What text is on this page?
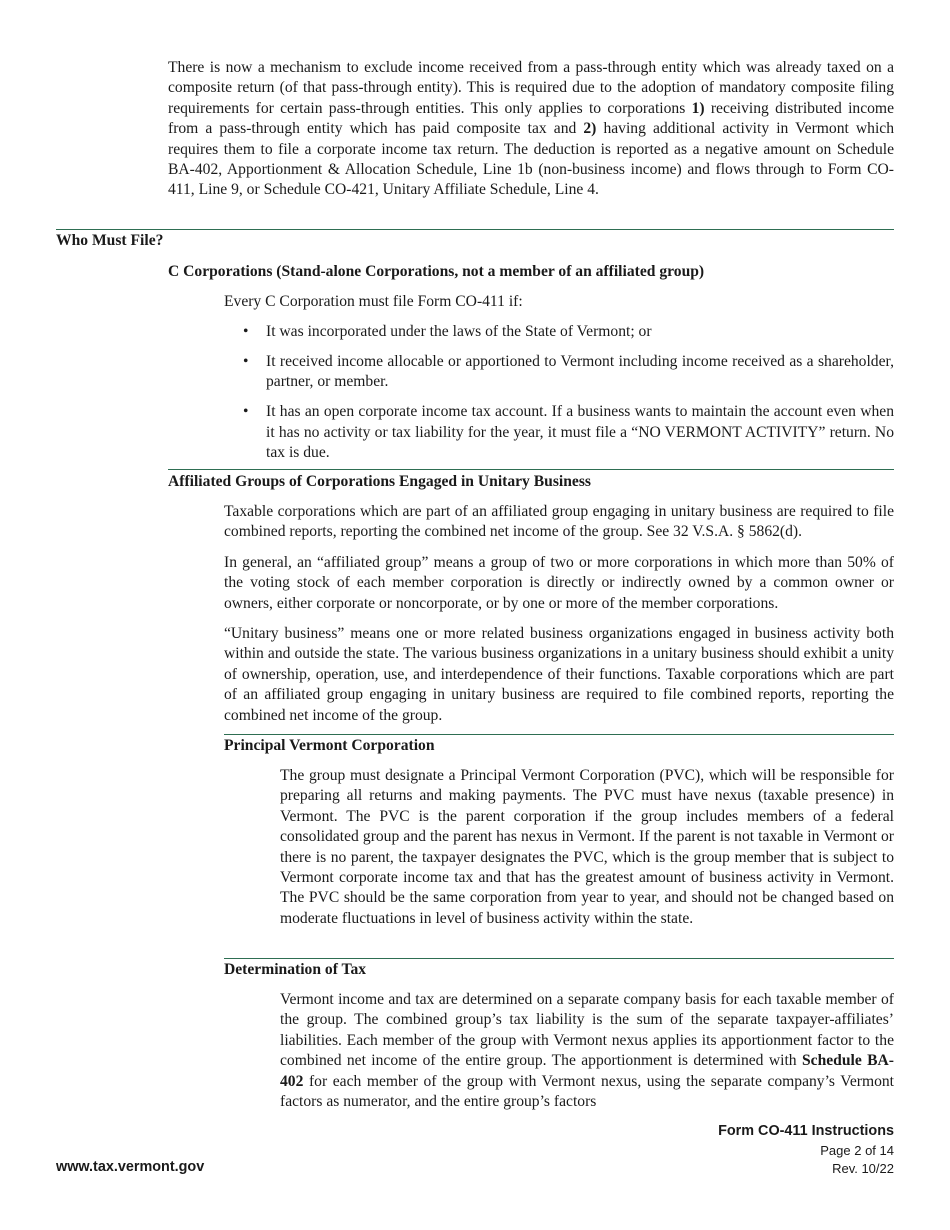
There is now a mechanism to exclude income received from a pass-through entity which was already taxed on a composite return (of that pass-through entity). This is required due to the adoption of mandatory composite filing requirements for certain pass-through entities. This only applies to corporations 1) receiving distributed income from a pass-through entity which has paid composite tax and 2) having additional activity in Vermont which requires them to file a corporate income tax return. The deduction is reported as a negative amount on Schedule BA-402, Apportionment & Allocation Schedule, Line 1b (non-business income) and flows through to Form CO-411, Line 9, or Schedule CO-421, Unitary Affiliate Schedule, Line 4.
Who Must File?
C Corporations (Stand-alone Corporations, not a member of an affiliated group)
Every C Corporation must file Form CO-411 if:
• It was incorporated under the laws of the State of Vermont; or
• It received income allocable or apportioned to Vermont including income received as a shareholder, partner, or member.
• It has an open corporate income tax account. If a business wants to maintain the account even when it has no activity or tax liability for the year, it must file a “NO VERMONT ACTIVITY” return. No tax is due.
Affiliated Groups of Corporations Engaged in Unitary Business
Taxable corporations which are part of an affiliated group engaging in unitary business are required to file combined reports, reporting the combined net income of the group. See 32 V.S.A. § 5862(d).
In general, an “affiliated group” means a group of two or more corporations in which more than 50% of the voting stock of each member corporation is directly or indirectly owned by a common owner or owners, either corporate or noncorporate, or by one or more of the member corporations.
“Unitary business” means one or more related business organizations engaged in business activity both within and outside the state. The various business organizations in a unitary business should exhibit a unity of ownership, operation, use, and interdependence of their functions. Taxable corporations which are part of an affiliated group engaging in unitary business are required to file combined reports, reporting the combined net income of the group.
Principal Vermont Corporation
The group must designate a Principal Vermont Corporation (PVC), which will be responsible for preparing all returns and making payments. The PVC must have nexus (taxable presence) in Vermont. The PVC is the parent corporation if the group includes members of a federal consolidated group and the parent has nexus in Vermont. If the parent is not taxable in Vermont or there is no parent, the taxpayer designates the PVC, which is the group member that is subject to Vermont corporate income tax and that has the greatest amount of business activity in Vermont. The PVC should be the same corporation from year to year, and should not be changed based on moderate fluctuations in level of business activity within the state.
Determination of Tax
Vermont income and tax are determined on a separate company basis for each taxable member of the group. The combined group’s tax liability is the sum of the separate taxpayer-affiliates’ liabilities. Each member of the group with Vermont nexus applies its apportionment factor to the combined net income of the entire group. The apportionment is determined with Schedule BA-402 for each member of the group with Vermont nexus, using the separate company’s Vermont factors as numerator, and the entire group’s factors
Form CO-411 Instructions
Page 2 of 14
Rev. 10/22
www.tax.vermont.gov
